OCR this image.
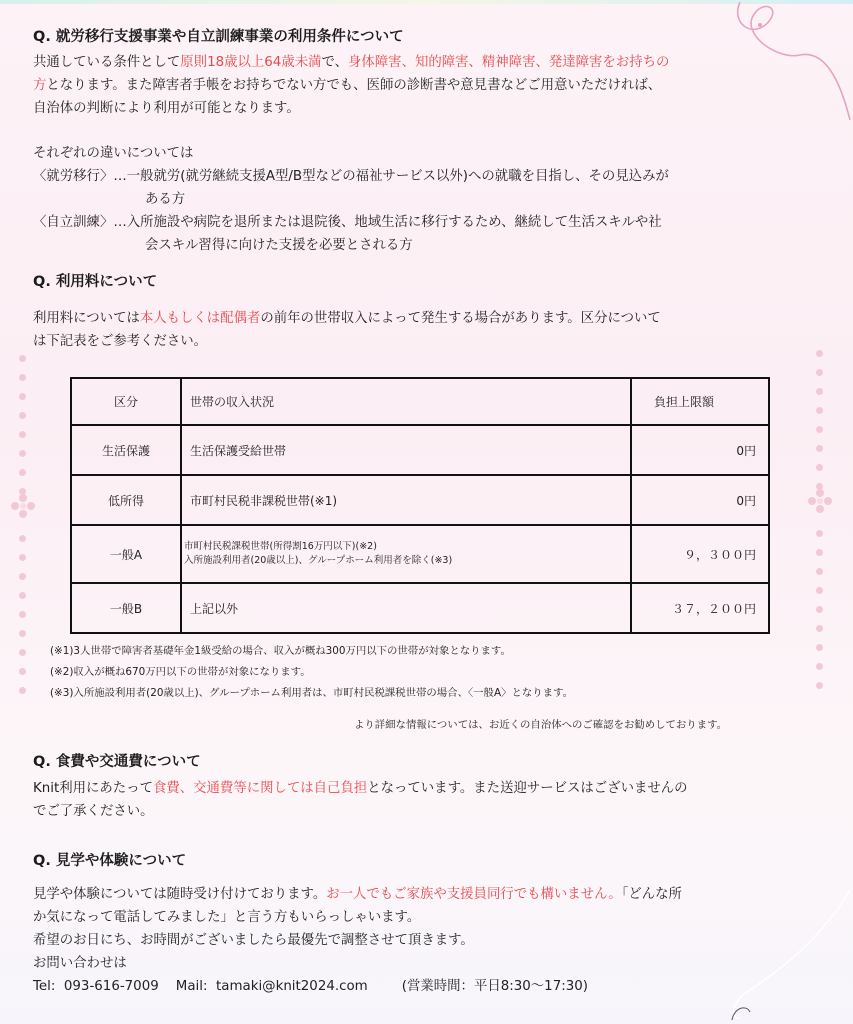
Q. 就労移行支援事業や自立訓練事業の利用条件について
共通している条件として原則18歳以上64歳未満で、身体障害、知的障害、精神障害、発達障害をお持ちの
方となります。また障害者手帳をお持ちでない方でも、医師の診断書や意見書などご用意いただければ、
自治体の判断により利用が可能となります。
それぞれの違いについては
〈就労移行〉…一般就労(就労継続支援A型/B型などの福祉サービス以外)への就職を目指し、その見込みが
ある方
〈自立訓練〉…入所施設や病院を退所または退院後、地域生活に移行するため、継続して生活スキルや社
会スキル習得に向けた支援を必要とされる方
Q. 利用料について
利用料については本人もしくは配偶者の前年の世帯収入によって発生する場合があります。区分について
は下記表をご参考ください。
区分	世帯の収入状況	負担上限額
生活保護	生活保護受給世帯	0円
低所得	市町村民税非課税世帯(※1)	0円
一般A	市町村民税課税世帯(所得割16万円以下)(※2)
入所施設利用者(20歳以上)、グループホーム利用者を除く(※3)	９，３００円
一般B	上記以外	３７，２００円
(※1)3人世帯で障害者基礎年金1級受給の場合、収入が概ね300万円以下の世帯が対象となります。
(※2)収入が概ね670万円以下の世帯が対象になります。
(※3)入所施設利用者(20歳以上)、グループホーム利用者は、市町村民税課税世帯の場合、〈一般A〉となります。
より詳細な情報については、お近くの自治体へのご確認をお勧めしております。
Q. 食費や交通費について
Knit利用にあたって食費、交通費等に関しては自己負担となっています。また送迎サービスはございませんの
でご了承ください。
Q. 見学や体験について
見学や体験については随時受け付けております。お一人でもご家族や支援員同行でも構いません。「どんな所
か気になって電話してみました」と言う方もいらっしゃいます。
希望のお日にち、お時間がございましたら最優先で調整させて頂きます。
お問い合わせは
Tel:  093-616-7009    Mail:  tamaki@knit2024.com        (営業時間：平日8:30～17:30)
